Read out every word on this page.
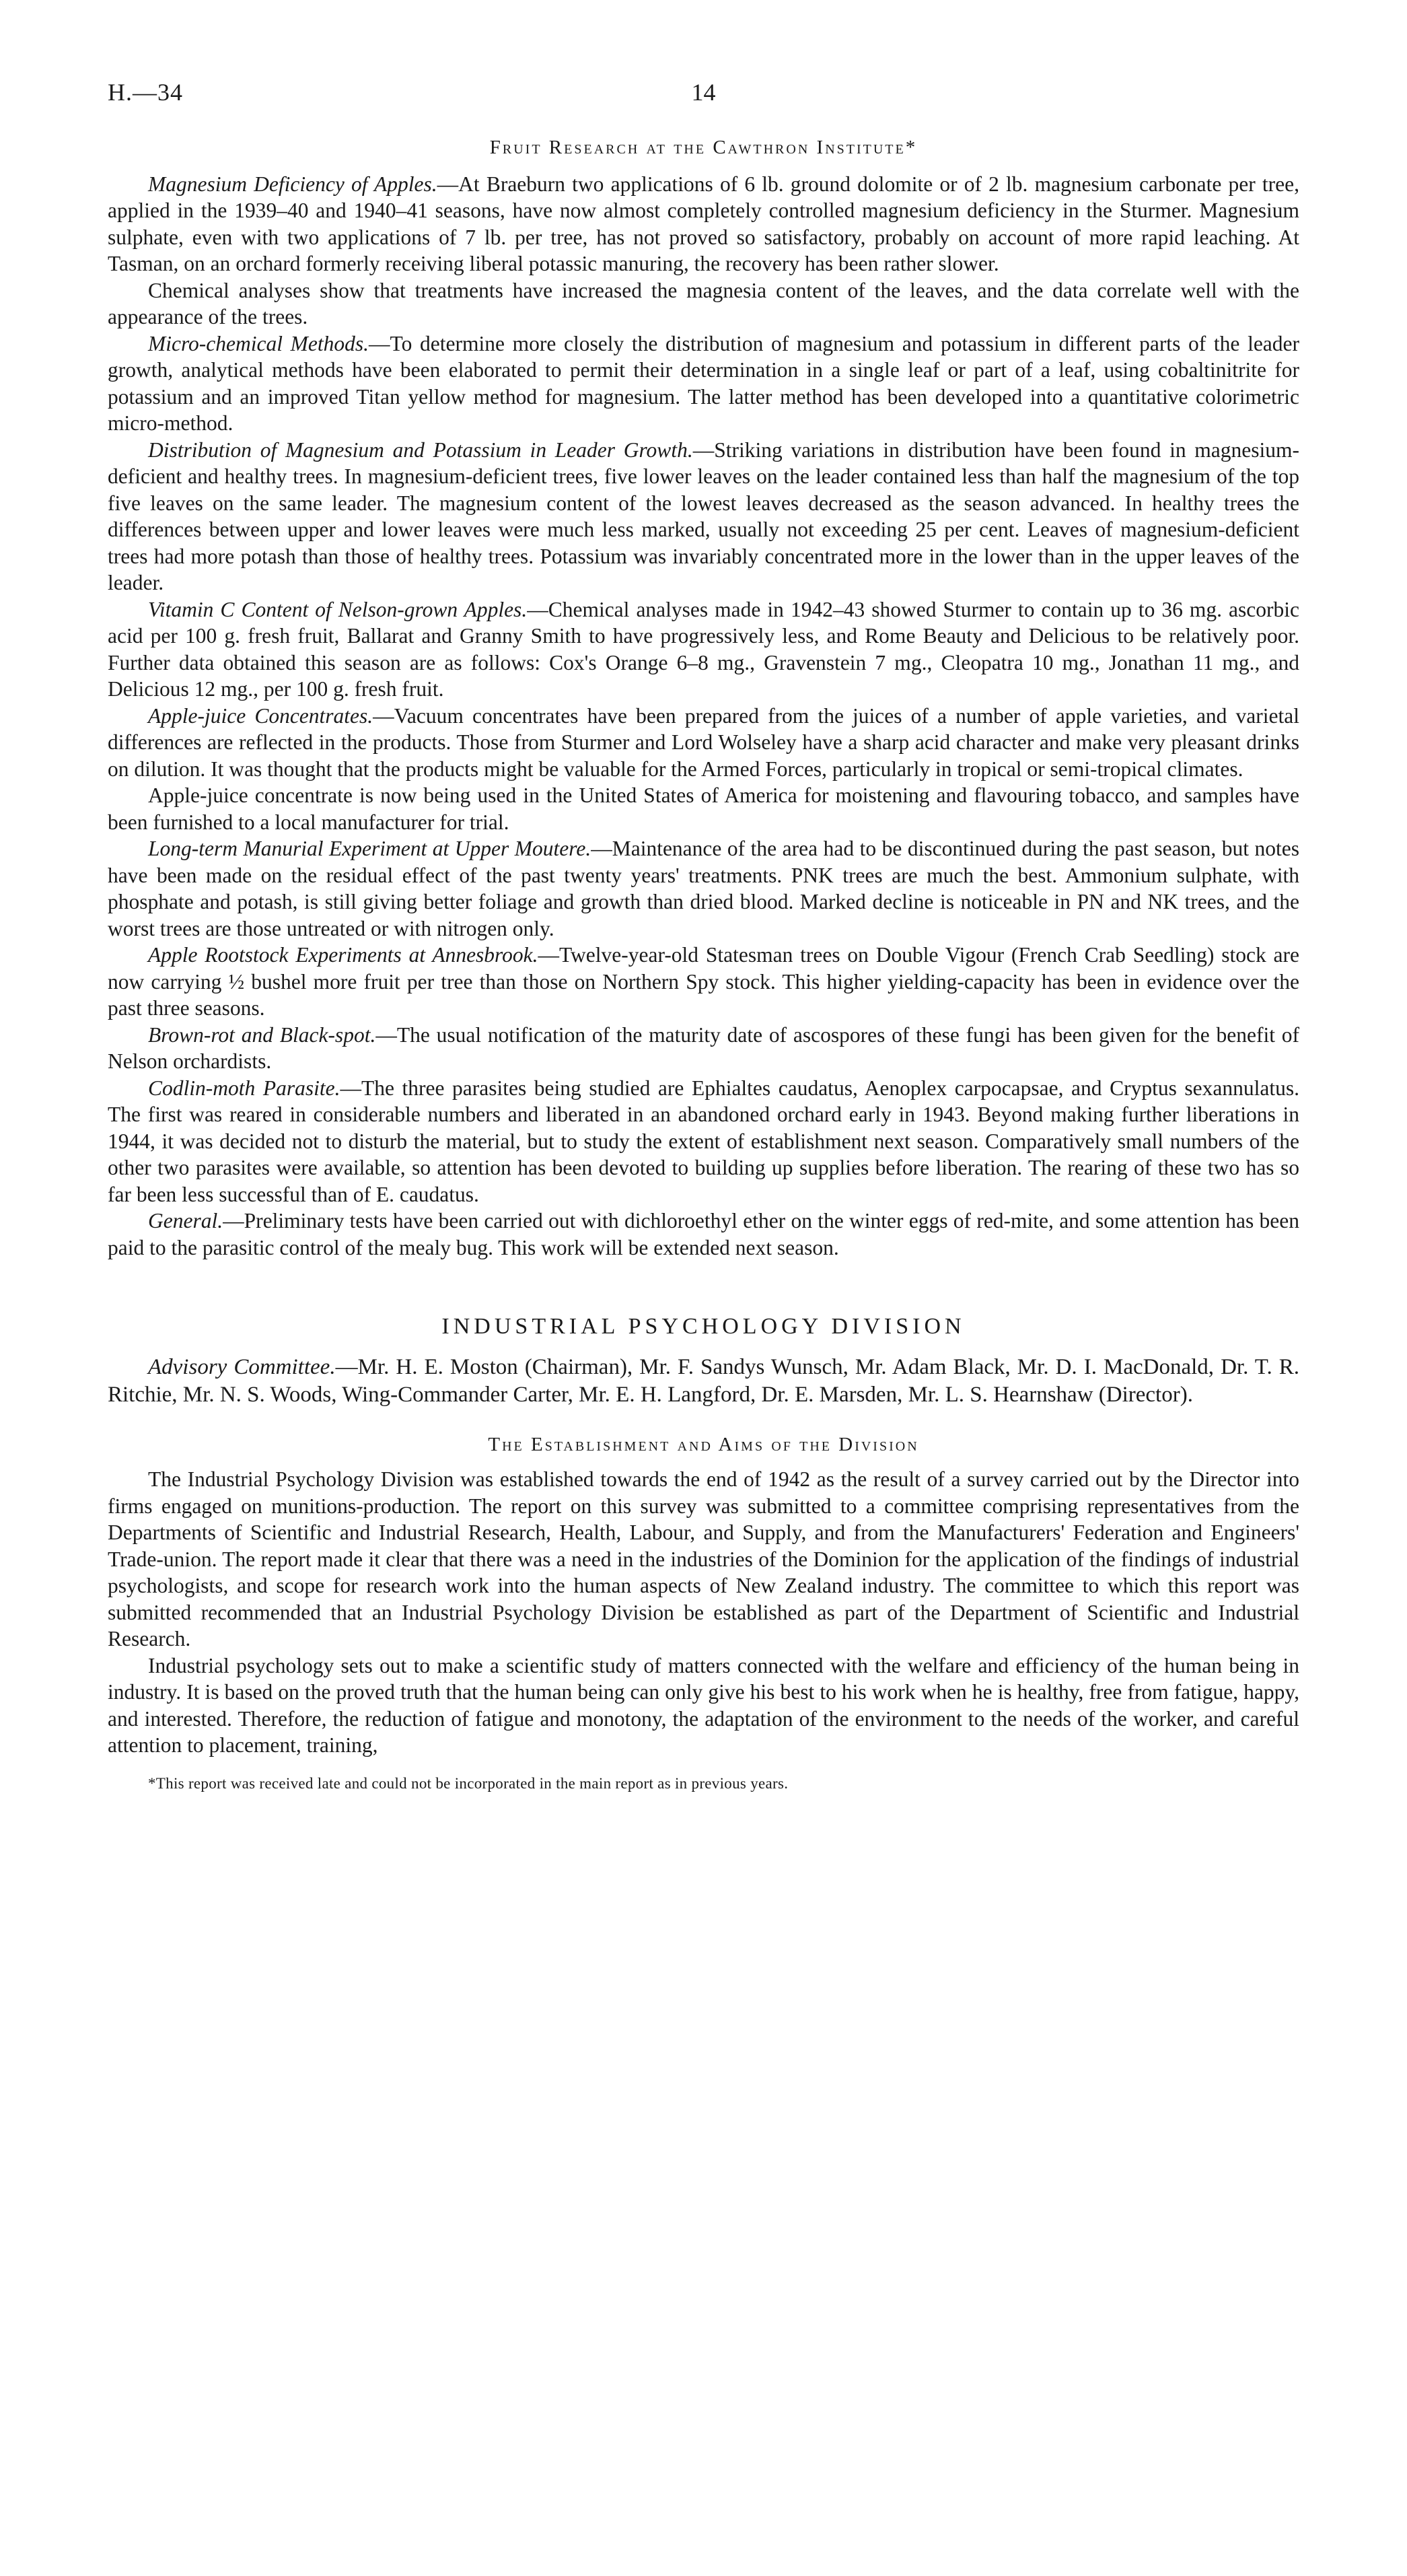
H.—34	14
Fruit Research at the Cawthron Institute*

Magnesium Deficiency of Apples.—At Braeburn two applications of 6 lb. ground dolomite or of 2 lb. magnesium carbonate per tree, applied in the 1939–40 and 1940–41 seasons, have now almost completely controlled magnesium deficiency in the Sturmer. Magnesium sulphate, even with two applications of 7 lb. per tree, has not proved so satisfactory, probably on account of more rapid leaching. At Tasman, on an orchard formerly receiving liberal potassic manuring, the recovery has been rather slower.

Chemical analyses show that treatments have increased the magnesia content of the leaves, and the data correlate well with the appearance of the trees.

Micro-chemical Methods.—To determine more closely the distribution of magnesium and potassium in different parts of the leader growth, analytical methods have been elaborated to permit their determination in a single leaf or part of a leaf, using cobaltinitrite for potassium and an improved Titan yellow method for magnesium. The latter method has been developed into a quantitative colorimetric micro-method.

Distribution of Magnesium and Potassium in Leader Growth.—Striking variations in distribution have been found in magnesium-deficient and healthy trees. In magnesium-deficient trees, five lower leaves on the leader contained less than half the magnesium of the top five leaves on the same leader. The magnesium content of the lowest leaves decreased as the season advanced. In healthy trees the differences between upper and lower leaves were much less marked, usually not exceeding 25 per cent. Leaves of magnesium-deficient trees had more potash than those of healthy trees. Potassium was invariably concentrated more in the lower than in the upper leaves of the leader.

Vitamin C Content of Nelson-grown Apples.—Chemical analyses made in 1942–43 showed Sturmer to contain up to 36 mg. ascorbic acid per 100 g. fresh fruit, Ballarat and Granny Smith to have progressively less, and Rome Beauty and Delicious to be relatively poor. Further data obtained this season are as follows: Cox's Orange 6–8 mg., Gravenstein 7 mg., Cleopatra 10 mg., Jonathan 11 mg., and Delicious 12 mg., per 100 g. fresh fruit.

Apple-juice Concentrates.—Vacuum concentrates have been prepared from the juices of a number of apple varieties, and varietal differences are reflected in the products. Those from Sturmer and Lord Wolseley have a sharp acid character and make very pleasant drinks on dilution. It was thought that the products might be valuable for the Armed Forces, particularly in tropical or semi-tropical climates.

Apple-juice concentrate is now being used in the United States of America for moistening and flavouring tobacco, and samples have been furnished to a local manufacturer for trial.

Long-term Manurial Experiment at Upper Moutere.—Maintenance of the area had to be discontinued during the past season, but notes have been made on the residual effect of the past twenty years' treatments. PNK trees are much the best. Ammonium sulphate, with phosphate and potash, is still giving better foliage and growth than dried blood. Marked decline is noticeable in PN and NK trees, and the worst trees are those untreated or with nitrogen only.

Apple Rootstock Experiments at Annesbrook.—Twelve-year-old Statesman trees on Double Vigour (French Crab Seedling) stock are now carrying ½ bushel more fruit per tree than those on Northern Spy stock. This higher yielding-capacity has been in evidence over the past three seasons.

Brown-rot and Black-spot.—The usual notification of the maturity date of ascospores of these fungi has been given for the benefit of Nelson orchardists.

Codlin-moth Parasite.—The three parasites being studied are Ephialtes caudatus, Aenoplex carpocapsae, and Cryptus sexannulatus. The first was reared in considerable numbers and liberated in an abandoned orchard early in 1943. Beyond making further liberations in 1944, it was decided not to disturb the material, but to study the extent of establishment next season. Comparatively small numbers of the other two parasites were available, so attention has been devoted to building up supplies before liberation. The rearing of these two has so far been less successful than of E. caudatus.

General.—Preliminary tests have been carried out with dichloroethyl ether on the winter eggs of red-mite, and some attention has been paid to the parasitic control of the mealy bug. This work will be extended next season.

INDUSTRIAL PSYCHOLOGY DIVISION

Advisory Committee.—Mr. H. E. Moston (Chairman), Mr. F. Sandys Wunsch, Mr. Adam Black, Mr. D. I. MacDonald, Dr. T. R. Ritchie, Mr. N. S. Woods, Wing-Commander Carter, Mr. E. H. Langford, Dr. E. Marsden, Mr. L. S. Hearnshaw (Director).

The Establishment and Aims of the Division

The Industrial Psychology Division was established towards the end of 1942 as the result of a survey carried out by the Director into firms engaged on munitions-production. The report on this survey was submitted to a committee comprising representatives from the Departments of Scientific and Industrial Research, Health, Labour, and Supply, and from the Manufacturers' Federation and Engineers' Trade-union. The report made it clear that there was a need in the industries of the Dominion for the application of the findings of industrial psychologists, and scope for research work into the human aspects of New Zealand industry. The committee to which this report was submitted recommended that an Industrial Psychology Division be established as part of the Department of Scientific and Industrial Research.

Industrial psychology sets out to make a scientific study of matters connected with the welfare and efficiency of the human being in industry. It is based on the proved truth that the human being can only give his best to his work when he is healthy, free from fatigue, happy, and interested. Therefore, the reduction of fatigue and monotony, the adaptation of the environment to the needs of the worker, and careful attention to placement, training,

*This report was received late and could not be incorporated in the main report as in previous years.
